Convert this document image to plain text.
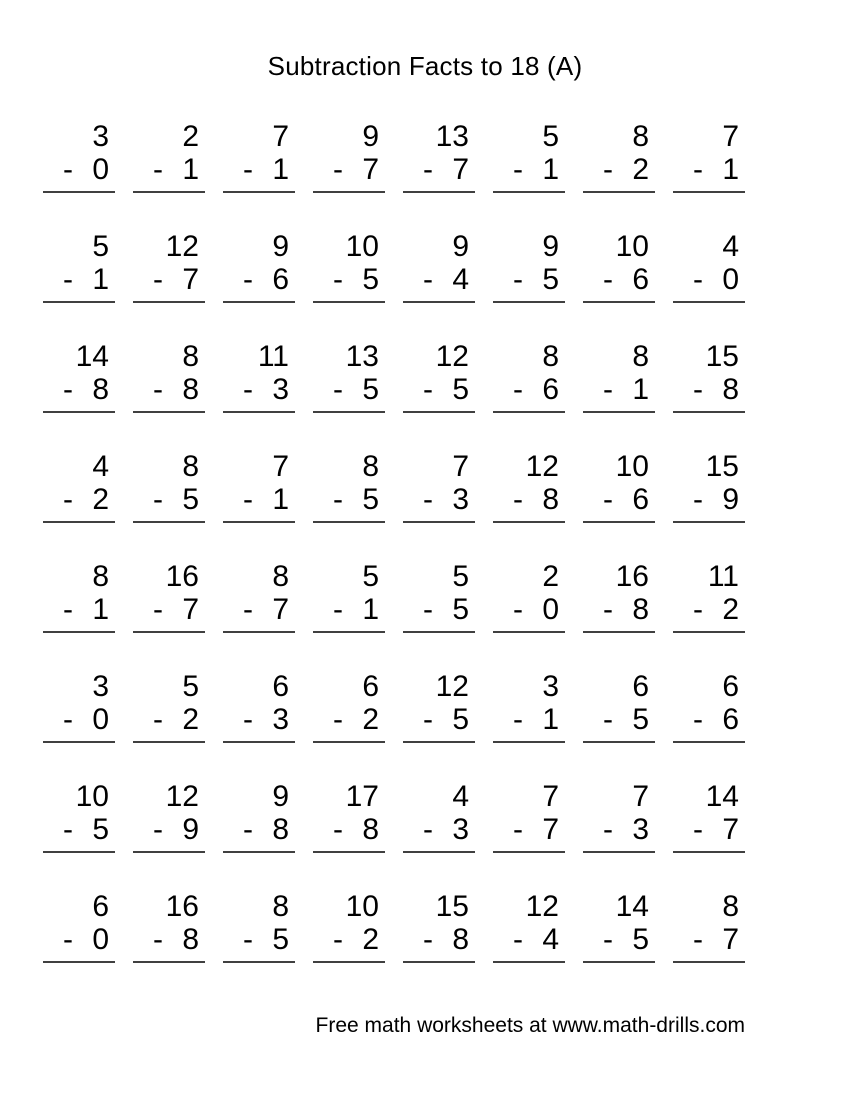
Subtraction Facts to 18 (A)
3
- 0
2
- 1
7
- 1
9
- 7
13
- 7
5
- 1
8
- 2
7
- 1
5
- 1
12
- 7
9
- 6
10
- 5
9
- 4
9
- 5
10
- 6
4
- 0
14
- 8
8
- 8
11
- 3
13
- 5
12
- 5
8
- 6
8
- 1
15
- 8
4
- 2
8
- 5
7
- 1
8
- 5
7
- 3
12
- 8
10
- 6
15
- 9
8
- 1
16
- 7
8
- 7
5
- 1
5
- 5
2
- 0
16
- 8
11
- 2
3
- 0
5
- 2
6
- 3
6
- 2
12
- 5
3
- 1
6
- 5
6
- 6
10
- 5
12
- 9
9
- 8
17
- 8
4
- 3
7
- 7
7
- 3
14
- 7
6
- 0
16
- 8
8
- 5
10
- 2
15
- 8
12
- 4
14
- 5
8
- 7
Free math worksheets at www.math-drills.com
